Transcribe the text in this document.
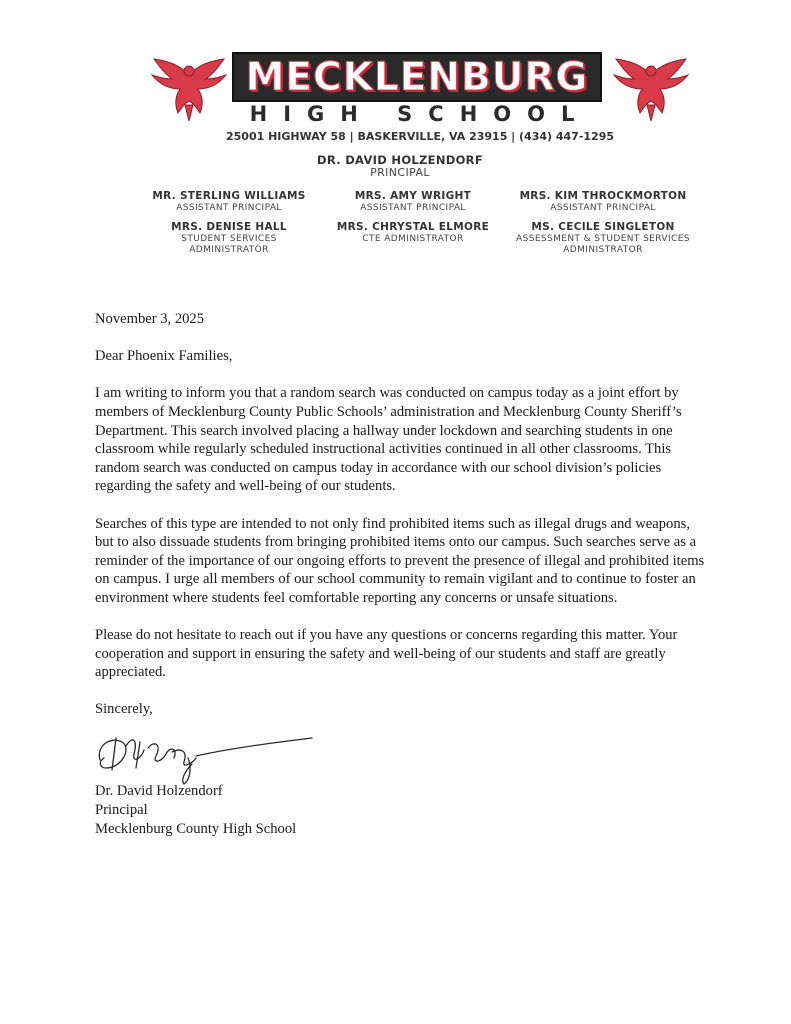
MECKLENBURG
HIGH SCHOOL
25001 HIGHWAY 58 | BASKERVILLE, VA 23915 | (434) 447-1295
DR. DAVID HOLZENDORF
PRINCIPAL
MR. STERLING WILLIAMS
ASSISTANT PRINCIPAL
MRS. AMY WRIGHT
ASSISTANT PRINCIPAL
MRS. KIM THROCKMORTON
ASSISTANT PRINCIPAL
MRS. DENISE HALL
STUDENT SERVICES
ADMINISTRATOR
MRS. CHRYSTAL ELMORE
CTE ADMINISTRATOR
MS. CECILE SINGLETON
ASSESSMENT & STUDENT SERVICES
ADMINISTRATOR

November 3, 2025

Dear Phoenix Families,

I am writing to inform you that a random search was conducted on campus today as a joint effort by members of Mecklenburg County Public Schools’ administration and Mecklenburg County Sheriff’s Department. This search involved placing a hallway under lockdown and searching students in one classroom while regularly scheduled instructional activities continued in all other classrooms. This random search was conducted on campus today in accordance with our school division’s policies regarding the safety and well-being of our students.

Searches of this type are intended to not only find prohibited items such as illegal drugs and weapons, but to also dissuade students from bringing prohibited items onto our campus. Such searches serve as a reminder of the importance of our ongoing efforts to prevent the presence of illegal and prohibited items on campus. I urge all members of our school community to remain vigilant and to continue to foster an environment where students feel comfortable reporting any concerns or unsafe situations.

Please do not hesitate to reach out if you have any questions or concerns regarding this matter. Your cooperation and support in ensuring the safety and well-being of our students and staff are greatly appreciated.

Sincerely,

Dr. David Holzendorf
Principal
Mecklenburg County High School
